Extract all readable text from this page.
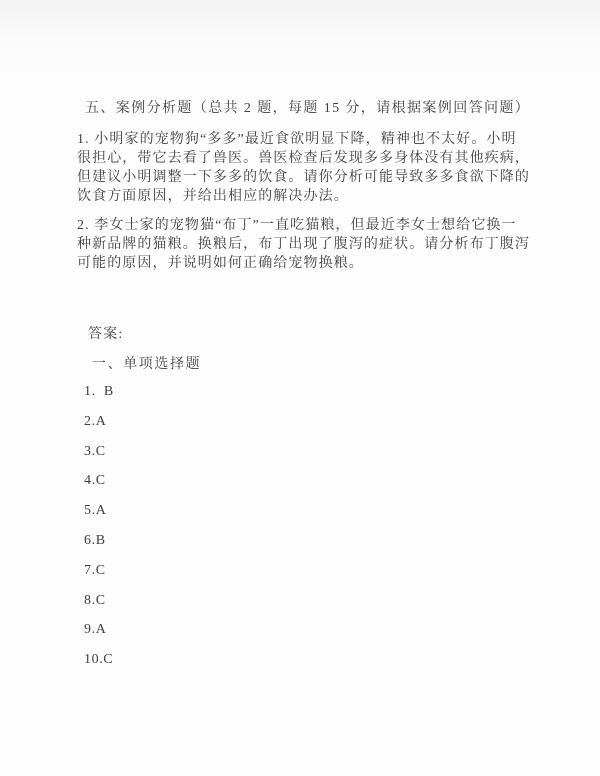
五、案例分析题（总共 2 题，每题 15 分，请根据案例回答问题）
1. 小明家的宠物狗“多多”最近食欲明显下降，精神也不太好。小明
很担心，带它去看了兽医。兽医检查后发现多多身体没有其他疾病，
但建议小明调整一下多多的饮食。请你分析可能导致多多食欲下降的
饮食方面原因，并给出相应的解决办法。
2. 李女士家的宠物猫“布丁”一直吃猫粮，但最近李女士想给它换一
种新品牌的猫粮。换粮后，布丁出现了腹泻的症状。请分析布丁腹泻
可能的原因，并说明如何正确给宠物换粮。
答案:
一、单项选择题
1.  B
2.A
3.C
4.C
5.A
6.B
7.C
8.C
9.A
10.C
